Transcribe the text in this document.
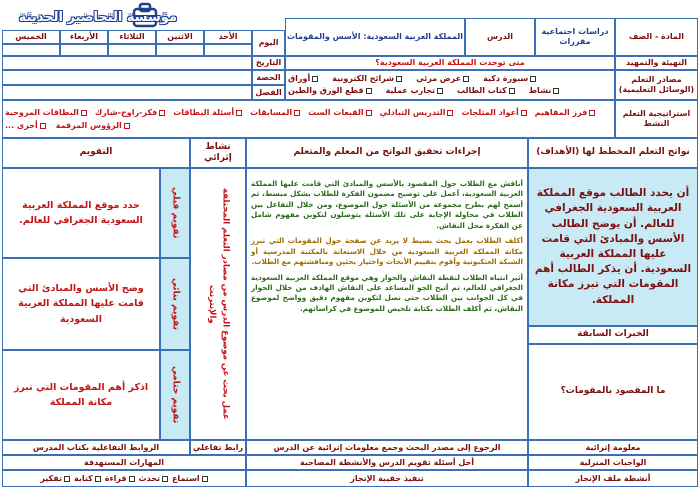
مؤسسة التحاضير الحديثة
المادة - الصف
دراسات اجتماعية مقررات
الدرس
المملكة العربية السعودية: الأسس والمقومات
اليوم
الأحد
الاثنين
الثلاثاء
الأربعاء
الخميس
التهيئة والتمهيد
متى توحدت المملكة العربية السعودية؟
التاريخ
مصادر التعلم (الوسائل التعليمية)
سبورة ذكية
عرض مرئي
شرائح الكترونية
أوراق
نشاط
كتاب الطالب
تجارب عملية
قطع الورق والطين
الحصة
الفصل
استراتيجية التعلم النشط
فرز المفاهيم
أعواد المثلجات
التدريس التبادلي
القبعات الست
المسابقات
أسئلة البطاقات
فكر-زاوج-شارك
البطاقات المروحية
الرؤوس المرقمة
أخرى ...
نواتج التعلم المخطط لها (الأهداف)
إجراءات تحقيق النواتج من المعلم والمتعلم
نشاط إثرائي
التقويم
أن يحدد الطالب موقع المملكة العربية السعودية الجغرافي للعالم. أن يوضح الطالب الأسس والمبادئ التي قامت عليها المملكة العربية السعودية. أن يذكر الطالب أهم المقومات التي تبرز مكانة المملكة.
الخبرات السابقة
ما المقصود بالمقومات؟
أناقش مع الطلاب حول المقصود بالأسس والمبادئ التي قامت عليها المملكة العربية السعودية، أعمل على توضيح مضمون الفكرة للطلاب بشكل مبسط، ثم أسمح لهم بطرح مجموعة من الأسئلة حول الموضوع، ومن خلال التفاعل بين الطلاب في محاولة الإجابة على تلك الأسئلة يتوصلون لتكوين مفهوم شامل عن الفكرة محل النقاش.
أكلف الطلاب بعمل بحث بسيط لا يزيد عن صفحة حول المقومات التي تبرز مكانة المملكة العربية السعودية من خلال الاستعانة بالمكتبة المدرسية أو الشبكة العنكبوتية وأقوم بتقييم الأبحاث واختيار بحثين ومناقشتهم مع الطلاب.
أثير انتباه الطلاب لنقطة النقاش والحوار وهي موقع المملكة العربية السعودية الجغرافي للعالم، ثم أتيح الجو المساعد على النقاش الهادف من خلال الحوار في كل الجوانب بين الطلاب حتى نصل لتكوين مفهوم دقيق وواضح لموضوع النقاش، ثم أكلف الطلاب بكتابة تلخيص للموضوع في كراساتهم.
عمل بحث عن موضوع الدرس من مصادر التعلم المختلفة والإنترنت
تقويم قبلي
تقويم بنائي
تقويم ختامي
حدد موقع المملكة العربية السعودية الجغرافي للعالم.
وضح الأسس والمبادئ التي قامت عليها المملكة العربية السعودية
اذكر أهم المقومات التي تبرز مكانة المملكة
معلومة إثرائية
الرجوع إلى مصدر البحث وجمع معلومات إثرائية عن الدرس
رابط تفاعلي
الروابط التفاعلية بكتاب المدرس
الواجبات المنزلية
أحل أسئلة تقويم الدرس والأنشطة المصاحبة
المهارات المستهدفة
أنشطة ملف الإنجاز
تنفيذ حقيبة الإنجاز
استماع
تحدث
قراءة
كتابة
تفكير
